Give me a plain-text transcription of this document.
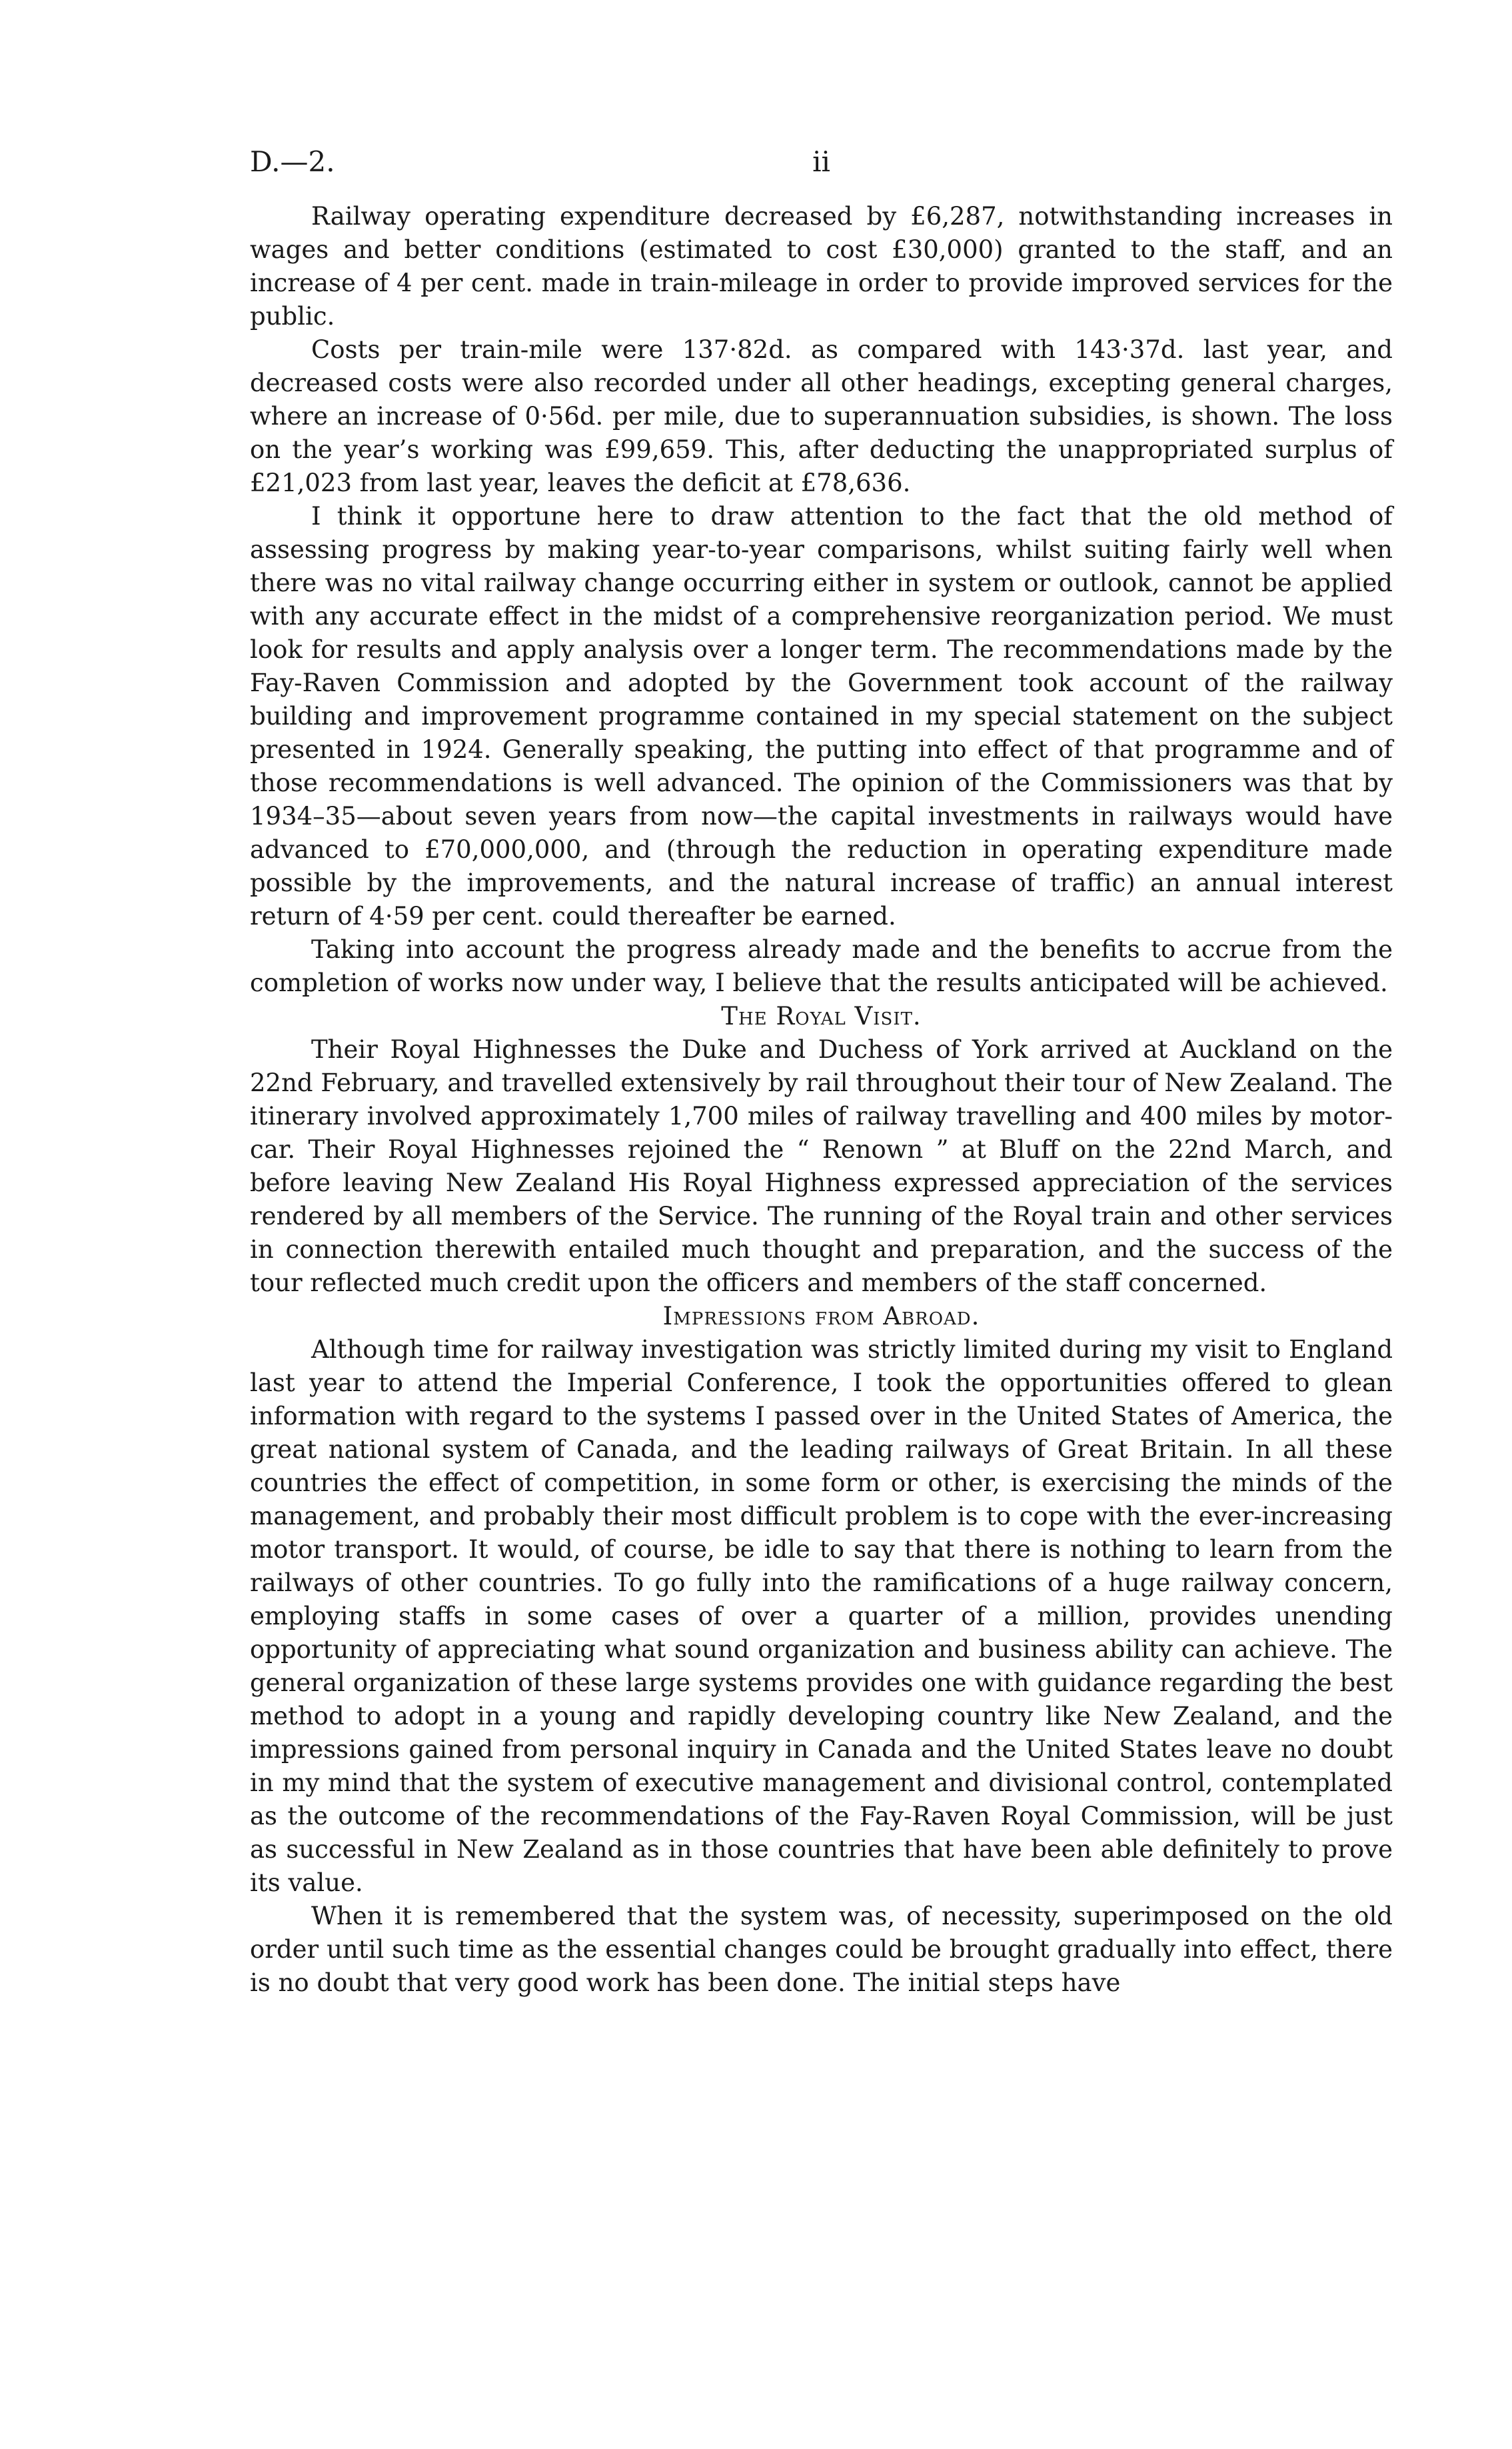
D.—2.	ii

Railway operating expenditure decreased by £6,287, notwithstanding increases in wages and better conditions (estimated to cost £30,000) granted to the staff, and an increase of 4 per cent. made in train-mileage in order to provide improved services for the public.

Costs per train-mile were 137·82d. as compared with 143·37d. last year, and decreased costs were also recorded under all other headings, excepting general charges, where an increase of 0·56d. per mile, due to superannuation subsidies, is shown. The loss on the year’s working was £99,659. This, after deducting the unappropriated surplus of £21,023 from last year, leaves the deficit at £78,636.

I think it opportune here to draw attention to the fact that the old method of assessing progress by making year-to-year comparisons, whilst suiting fairly well when there was no vital railway change occurring either in system or outlook, cannot be applied with any accurate effect in the midst of a comprehensive reorganization period. We must look for results and apply analysis over a longer term. The recommendations made by the Fay-Raven Commission and adopted by the Government took account of the railway building and improvement programme contained in my special statement on the subject presented in 1924. Generally speaking, the putting into effect of that programme and of those recommendations is well advanced. The opinion of the Commissioners was that by 1934–35—about seven years from now—the capital investments in railways would have advanced to £70,000,000, and (through the reduction in operating expenditure made possible by the improvements, and the natural increase of traffic) an annual interest return of 4·59 per cent. could thereafter be earned.

Taking into account the progress already made and the benefits to accrue from the completion of works now under way, I believe that the results anticipated will be achieved.

The Royal Visit.

Their Royal Highnesses the Duke and Duchess of York arrived at Auckland on the 22nd February, and travelled extensively by rail throughout their tour of New Zealand. The itinerary involved approximately 1,700 miles of railway travelling and 400 miles by motor-car. Their Royal Highnesses rejoined the “ Renown ” at Bluff on the 22nd March, and before leaving New Zealand His Royal Highness expressed appreciation of the services rendered by all members of the Service. The running of the Royal train and other services in connection therewith entailed much thought and preparation, and the success of the tour reflected much credit upon the officers and members of the staff concerned.

Impressions from Abroad.

Although time for railway investigation was strictly limited during my visit to England last year to attend the Imperial Conference, I took the opportunities offered to glean information with regard to the systems I passed over in the United States of America, the great national system of Canada, and the leading railways of Great Britain. In all these countries the effect of competition, in some form or other, is exercising the minds of the management, and probably their most difficult problem is to cope with the ever-increasing motor transport. It would, of course, be idle to say that there is nothing to learn from the railways of other countries. To go fully into the ramifications of a huge railway concern, employing staffs in some cases of over a quarter of a million, provides unending opportunity of appreciating what sound organization and business ability can achieve. The general organization of these large systems provides one with guidance regarding the best method to adopt in a young and rapidly developing country like New Zealand, and the impressions gained from personal inquiry in Canada and the United States leave no doubt in my mind that the system of executive management and divisional control, contemplated as the outcome of the recommendations of the Fay-Raven Royal Commission, will be just as successful in New Zealand as in those countries that have been able definitely to prove its value.

When it is remembered that the system was, of necessity, superimposed on the old order until such time as the essential changes could be brought gradually into effect, there is no doubt that very good work has been done. The initial steps have
